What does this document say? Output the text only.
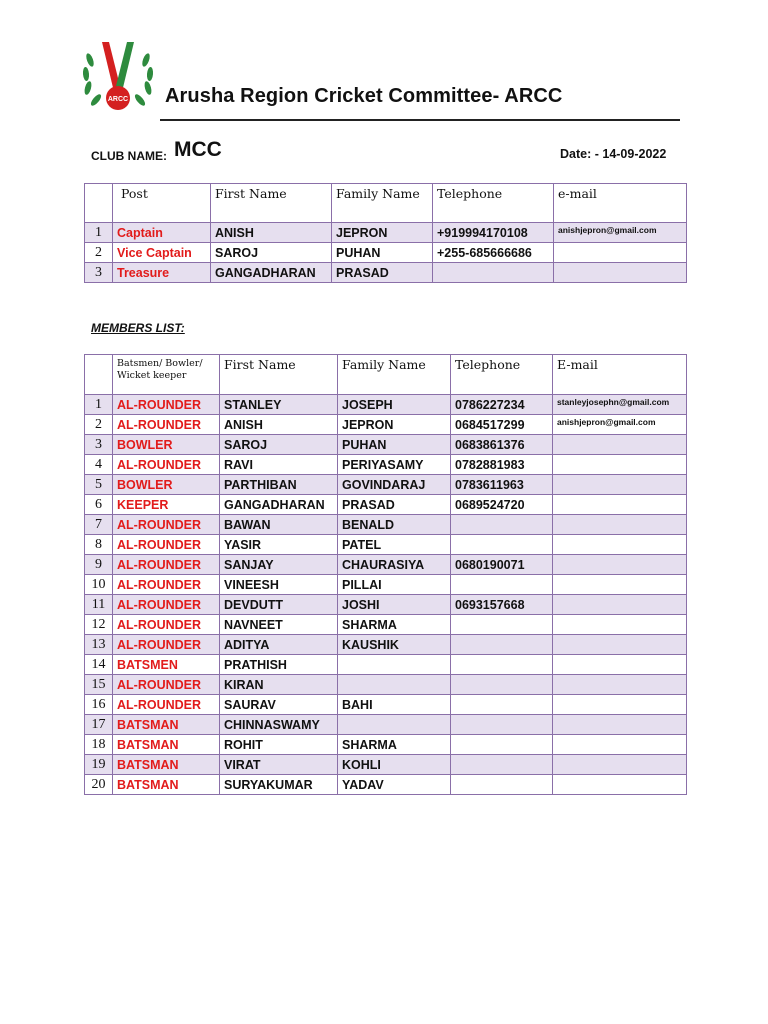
ARCC Arusha Region Cricket Committee- ARCC
CLUB NAME: MCC	Date: - 14-09-2022
	Post	First Name	Family Name	Telephone	e-mail
1	Captain	ANISH	JEPRON	+919994170108	anishjepron@gmail.com
2	Vice Captain	SAROJ	PUHAN	+255-685666686	
3	Treasure	GANGADHARAN	PRASAD		
MEMBERS LIST:
	Batsmen/ Bowler/ Wicket keeper	First Name	Family Name	Telephone	E-mail
1	AL-ROUNDER	STANLEY	JOSEPH	0786227234	stanleyjosephn@gmail.com
2	AL-ROUNDER	ANISH	JEPRON	0684517299	anishjepron@gmail.com
3	BOWLER	SAROJ	PUHAN	0683861376	
4	AL-ROUNDER	RAVI	PERIYASAMY	0782881983	
5	BOWLER	PARTHIBAN	GOVINDARAJ	0783611963	
6	KEEPER	GANGADHARAN	PRASAD	0689524720	
7	AL-ROUNDER	BAWAN	BENALD		
8	AL-ROUNDER	YASIR	PATEL		
9	AL-ROUNDER	SANJAY	CHAURASIYA	0680190071	
10	AL-ROUNDER	VINEESH	PILLAI		
11	AL-ROUNDER	DEVDUTT	JOSHI	0693157668	
12	AL-ROUNDER	NAVNEET	SHARMA		
13	AL-ROUNDER	ADITYA	KAUSHIK		
14	BATSMEN	PRATHISH			
15	AL-ROUNDER	KIRAN			
16	AL-ROUNDER	SAURAV	BAHI		
17	BATSMAN	CHINNASWAMY			
18	BATSMAN	ROHIT	SHARMA		
19	BATSMAN	VIRAT	KOHLI		
20	BATSMAN	SURYAKUMAR	YADAV		
